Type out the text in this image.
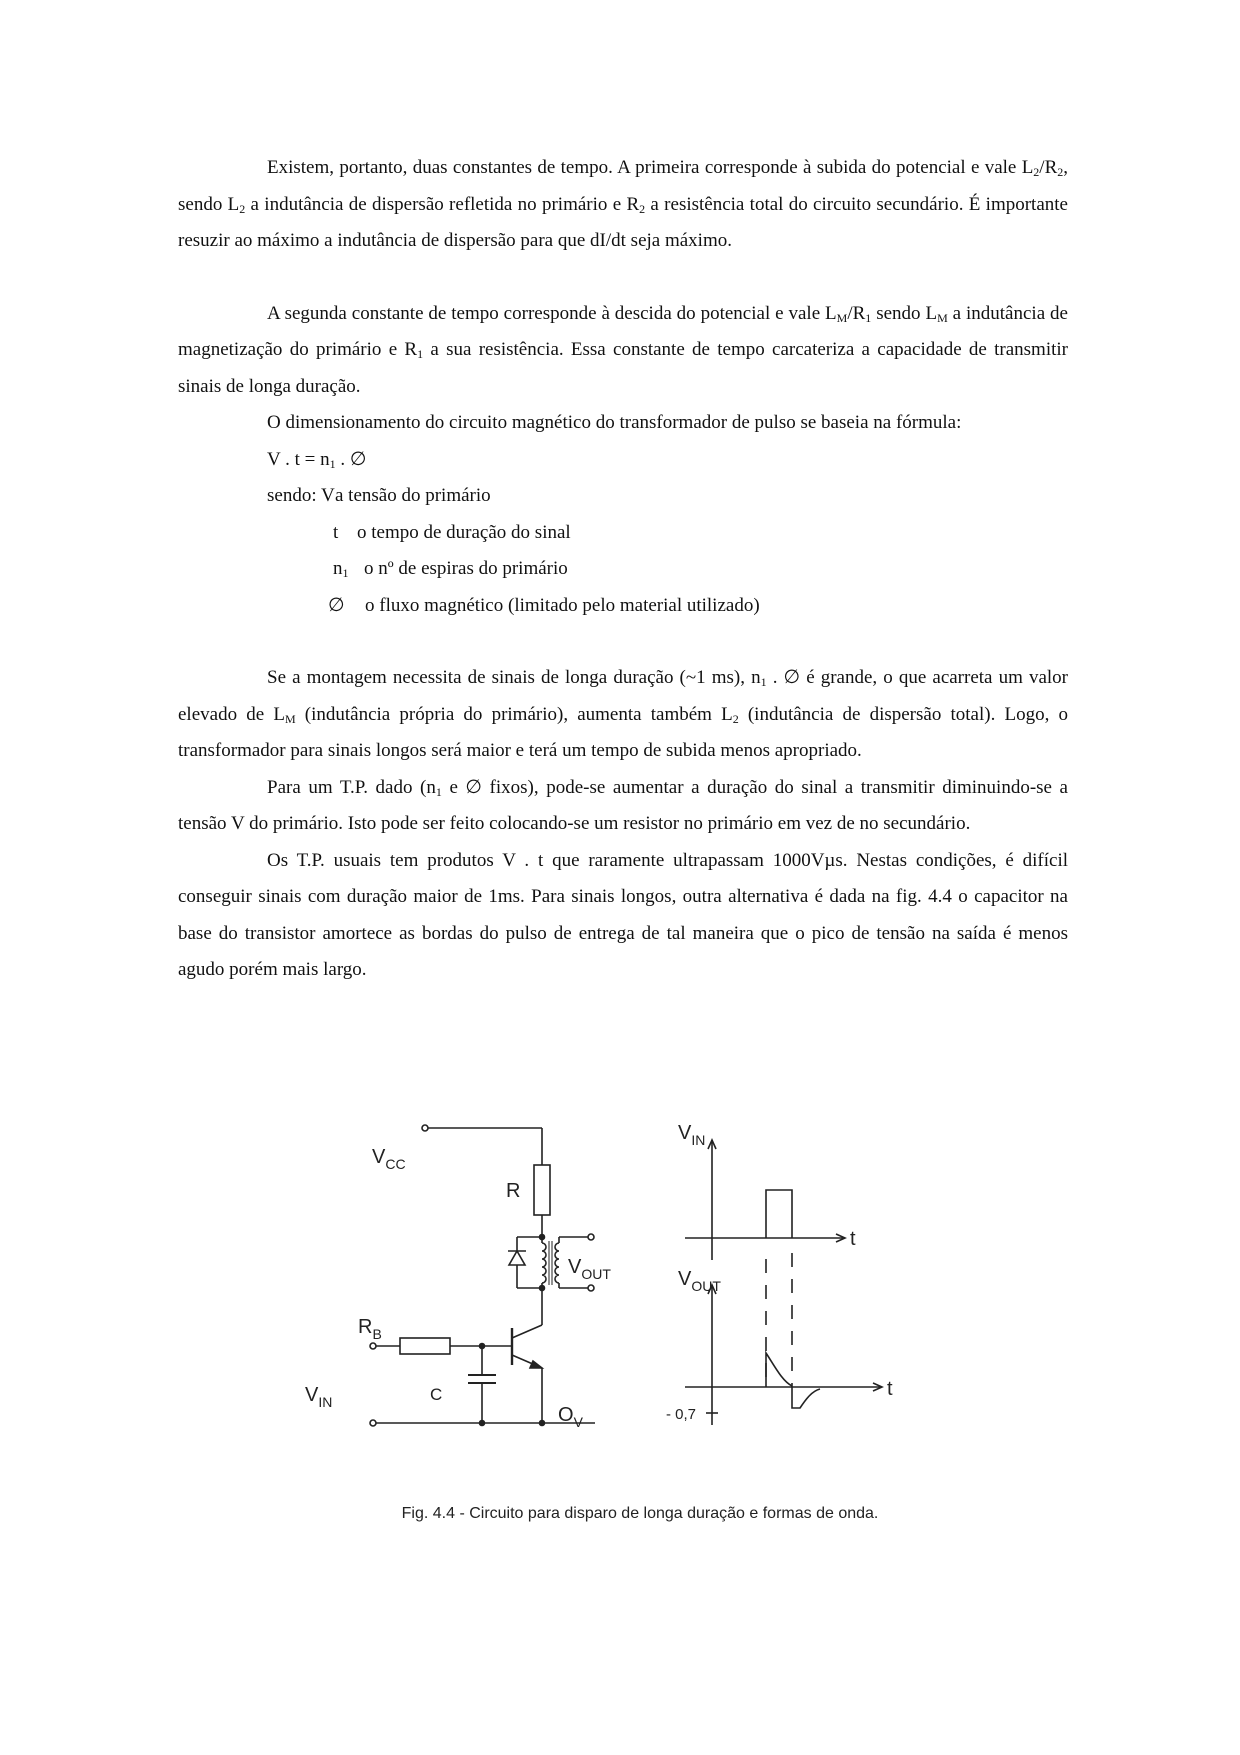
Existem, portanto, duas constantes de tempo. A primeira corresponde à subida do potencial e vale $L_2/R_2$, sendo $L_2$ a indutância de dispersão refletida no primário e $R_2$ a resistência total do circuito secundário. É importante resuzir ao máximo a indutância de dispersão para que dI/dt seja máximo.

A segunda constante de tempo corresponde à descida do potencial e vale $L_M/R_1$ sendo $L_M$ a indutância de magnetização do primário e $R_1$ a sua resistência. Essa constante de tempo carcateriza a capacidade de transmitir sinais de longa duração.

O dimensionamento do circuito magnético do transformador de pulso se baseia na fórmula:

V . $t = n_1$ . ∅

sendo: V a tensão do primário

t o tempo de duração do sinal

$n_1$ o nº de espiras do primário

∅	o fluxo magnético (limitado pelo material utilizado)

Se a montagem necessita de sinais de longa duração (~1 ms), $n_1$ . ∅ é grande, o que acarreta um valor elevado de $L_M$ (indutância própria do primário), aumenta também $L_2$ (indutância de dispersão total). Logo, o transformador para sinais longos será maior e terá um tempo de subida menos apropriado.

Para um T.P. dado ($n_1$ e ∅ fixos), pode-se aumentar a duração do sinal a transmitir diminuindo-se a tensão V do primário. Isto pode ser feito colocando-se um resistor no primário em vez de no secundário.

Os T.P. usuais tem produtos V . t que raramente ultrapassam 1000Vµs. Nestas condições, é difícil conseguir sinais com duração maior de 1ms. Para sinais longos, outra alternativa é dada na fig. 4.4 o capacitor na base do transistor amortece as bordas do pulso de entrega de tal maneira que o pico de tensão na saída é menos agudo porém mais largo.

$V_{CC}$
R
$R_B$
$V_{OUT}$
$V_{IN}$	C
$O_V$
$V_{IN}$
t
$V_{OUT}$
t
- 0,7
Fig. 4.4 - Circuito para disparo de longa duração e formas de onda.
